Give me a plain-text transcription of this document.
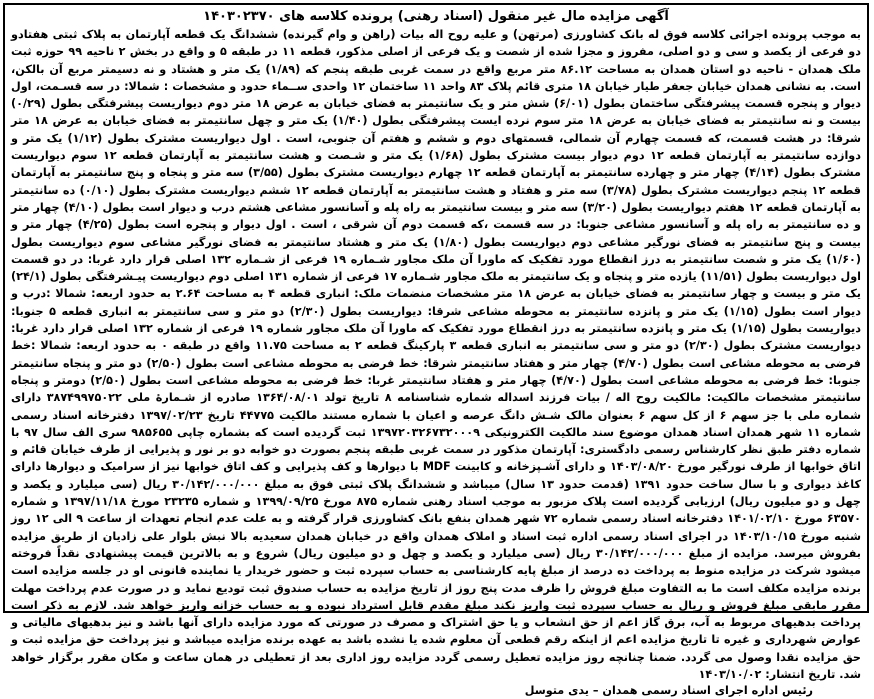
آگهی مزایده مال غیر منقول (اسناد رهنی) پرونده کلاسه های ۱۴۰۳۰۲۳۷۰

به موجب پرونده اجرائی کلاسه فوق له بانک کشاورزی (مرتهن) و علیه روح اله بیات (راهن و وام گیرنده) ششدانگ یک قطعه آپارتمان به پلاک ثبتی هفتادو دو فرعی از یکصد و سی و دو اصلی، مفروز و مجزا شده از شصت و یک فرعی از اصلی مذکور، قطعه ۱۱ در طبقه ۵ و واقع در بخش ۲ ناحیه ۹۹ حوزه ثبت ملک همدان - ناحیه دو استان همدان به مساحت ۸۶.۱۲ متر مربع واقع در سمت غربی طبقه پنجم که (۱/۸۹) یک متر و هشتاد و نه دسیمتر مربع آن بالکن، است. به نشانی همدان خیابان جعفر طیار خیابان ۱۸ متری قائم پلاک ۸۳ واحد ۱۱ ساختمان ۱۲ واحدی ســماء حدود و مشخصات : شمالا: در سه قسـمت، اول دیوار و پنجره قسمت پیشرفتگی ساختمان بطول (۶/۰۱) شش متر و یک سانتیمتر به فضای خیابان به عرض ۱۸ متر دوم دیواریست پیشرفتگی بطول (۰/۲۹) بیست و نه سانتیمتر به فضای خیابان به عرض ۱۸ متر سوم نرده ایست پیشرفتگی بطول (۱/۴۰) یک متر و چهل سانتیمتر به فضای خیابان به عرض ۱۸ متر شرقا: در هشت قسمت، که قسمت چهارم آن شمالی، قسمتهای دوم و ششم و هفتم آن جنوبی، است . اول دیواریست مشترک بطول (۱/۱۲) یک متر و دوازده سانتیمتر به آپارتمان قطعه ۱۲ دوم دیوار بیست مشترک بطول (۱/۶۸) یک متر و شـصت و هشت سانتیمتر به آپارتمان قطعه ۱۲ سوم دیواریست مشترک بطول (۴/۱۴) چهار متر و چهارده سانتیمتر به آپارتمان قطعه ۱۲ چهارم دیواریست مشترک بطول (۳/۵۵) سه متر و پنجاه و پنج سانتیمتر به آپارتمان قطعه ۱۲ پنجم دیواریست مشترک بطول (۳/۷۸) سه متر و هفتاد و هشت سانتیمتر به آپارتمان قطعه ۱۲ ششم دیواریست مشترک بطول (۰/۱۰) ده سانتیمتر به آپارتمان قطعه ۱۲ هفتم دیواریست بطول (۳/۲۰) سه متر و بیست سانتیمتر به راه پله و آسانسور مشاعی هشتم درب و دیوار است بطول (۴/۱۰) چهار متر و ده سانتیمتر به راه پله و آسانسور مشاعی جنوبا: در سه قسمت ،که قسمت دوم آن شرقی ، است . اول دیوار و پنجره است بطول (۴/۲۵) چهار متر و بیست و پنج سانتیمتر به فضای نورگیر مشاعی دوم دیواریست بطول (۱/۸۰) یک متر و هشتاد سانتیمتر به فضای نورگیر مشاعی سوم دیواریست بطول (۱/۶۰) یک متر و شصت سانتیمتر به درز انقطاع مورد تفکیک که ماورا آن ملک مجاور شـماره ۱۹ فرعی از شـماره ۱۳۲ اصلی قرار دارد غربا: در دو قسمت اول دیواریست بطول (۱۱/۵۱) یازده متر و پنجاه و یک سانتیمتر به ملک مجاور شـماره ۱۷ فرعی از شماره ۱۳۱ اصلی دوم دیواریست پیـشرفتگی بطول (۲۴/۱) یک متر و بیست و چهار سانتیمتر به فضای خیابان به عرض ۱۸ متر مشخصات منضمات ملک: انباری قطعه ۴ به مساحت ۲.۶۴ به حدود اربعه: شمالا :درب و دیوار است بطول (۱/۱۵) یک متر و پانزده سانتیمتر به محوطه مشاعی شرقا: دیواریست بطول (۲/۳۰) دو متر و سی سانتیمتر به انباری قطعه ۵ جنوبا: دیواریست بطول (۱/۱۵) یک متر و پانزده سانتیمتر به درز انقطاع مورد تفکیک که ماورا آن ملک مجاور شماره ۱۹ فرعی از شماره ۱۳۲ اصلی قرار دارد غربا: دیواریست مشترک بطول (۲/۳۰) دو متر و سی سانتیمتر به انباری قطعه ۳ پارکینگ قطعه ۲ به مساحت ۱۱.۷۵ واقع در طبقه ۰ به حدود اربعه: شمالا :خط فرضی به محوطه مشاعی است بطول (۴/۷۰) چهار متر و هفتاد سانتیمتر شرقا: خط فرضی به محوطه مشاعی است بطول (۲/۵۰) دو متر و پنجاه سانتیمتر جنوبا: خط فرضی به محوطه مشاعی است بطول (۴/۷۰) چهار متر و هفتاد سانتیمتر غربا: خط فرضی به محوطه مشاعی است بطول (۲/۵۰) دومتر و پنجاه سانتیمتر مشخصات مالکیت: مالکیت روح اله / بیات فرزند اسداله شماره شناسنامه ۸ تاریخ تولد ۱۳۶۴/۰۸/۰۱ صادره از شـمارۀ ملی ۳۸۷۴۹۹۷۵۰۲۲ دارای شماره ملی با جز سهم ۶ از کل سهم ۶ بعنوان مالک شـش دانگ عرصه و اعیان با شماره مستند مالکیت ۴۴۷۷۵ تاریخ ۱۳۹۷/۰۲/۲۳ دفترخانه اسناد رسمی شماره ۱۱ شهر همدان اسناد همدان موضوع سند مالکیت الکترونیکی ۱۳۹۷۲۰۳۲۶۷۳۲۰۰۰۹ ثبت گردیده است که بشماره چاپی ۹۸۵۶۵۵ سری الف سال ۹۷ با شماره دفتر طبق نظر کارشناس رسمی دادگستری: آپارتمان مذکور در سمت غربی طبقه پنجم بصورت دو خوابه دو بر نور و پذیرایی از طرف خیابان قائم و اتاق خوابها از طرف نورگیر مورخ ۱۴۰۳/۰۸/۲۰ و دارای آشـپزخانه و کابینت MDF با دیوارها و کف پذیرایی و کف اتاق خوابها نیز از سرامیک و دیوارها دارای کاغذ دیواری و با سال ساخت حدود ۱۳۹۱ (قدمت حدود ۱۳ سال) میباشد و ششدانگ پلاک ثبتی فوق به مبلغ ۳۰/۱۴۲/۰۰۰/۰۰۰ ریال (سی میلیارد و یکصد و چهل و دو میلیون ریال) ارزیابی گردیده است پلاک مزبور به موجب اسناد رهنی شماره ۸۷۵ مورخ ۱۳۹۹/۰۹/۲۵ و شماره ۲۳۲۳۵ مورخ ۱۳۹۷/۱۱/۱۸ و شماره ۶۳۵۷۰ مورخ ۱۴۰۱/۰۲/۱۰ دفترخانه اسناد رسمی شماره ۷۲ شهر همدان بنفع بانک کشاورزی قرار گرفته و به علت عدم انجام تعهدات از ساعت ۹ الی ۱۲ روز شنبه مورخ ۱۴۰۳/۱۰/۱۵ در اجرای اسناد رسمی اداره ثبت اسناد و املاک همدان واقع در خیابان همدان سعیدیه بالا نبش بلوار علی زادیان از طریق مزایده بفروش میرسد. مزایده از مبلغ ۳۰/۱۴۲/۰۰۰/۰۰۰ ریال (سی میلیارد و یکصد و چهل و دو میلیون ریال) شروع و به بالاترین قیمت پیشنهادی نقداً فروخته میشود شرکت در مزایده منوط به پرداخت ده درصد از مبلغ پایه کارشناسی به حساب سپرده ثبت و حضور خریدار یا نماینده قانونی او در جلسه مزایده است برنده مزایده مکلف است ما به التفاوت مبلغ فروش را ظرف مدت پنج روز از تاریخ مزایده به حساب صندوق ثبت تودیع نماید و در صورت عدم پرداخت مهلت مقرر مابقی مبلغ فروش و ریال به حساب سپرده ثبت واریز نکند مبلغ مقدم قابل استرداد نبوده و به حساب خزانه واریز خواهد شد. لازم به ذکر است پرداخت بدهیهای مربوط به آب، برق گاز اعم از حق انشعاب و یا حق اشتراک و مصرف در صورتی که مورد مزایده دارای آنها باشد و نیز بدهیهای مالیاتی و عوارض شهرداری و غیره تا تاریخ مزایده اعم از اینکه رقم قطعی آن معلوم شده یا نشده باشد به عهده برنده مزایده میباشد و نیز پرداخت حق مزایده ثبت و حق مزایده نقدا وصول می گردد. ضمنا چنانچه روز مزایده تعطیل رسمی گردد مزایده روز اداری بعد از تعطیلی در همان ساعت و مکان مقرر برگزار خواهد شد. تاریخ انتشار: ۱۴۰۳/۱۰/۰۲

رئیس اداره اجرای اسناد رسمی همدان – یدی متوسل
